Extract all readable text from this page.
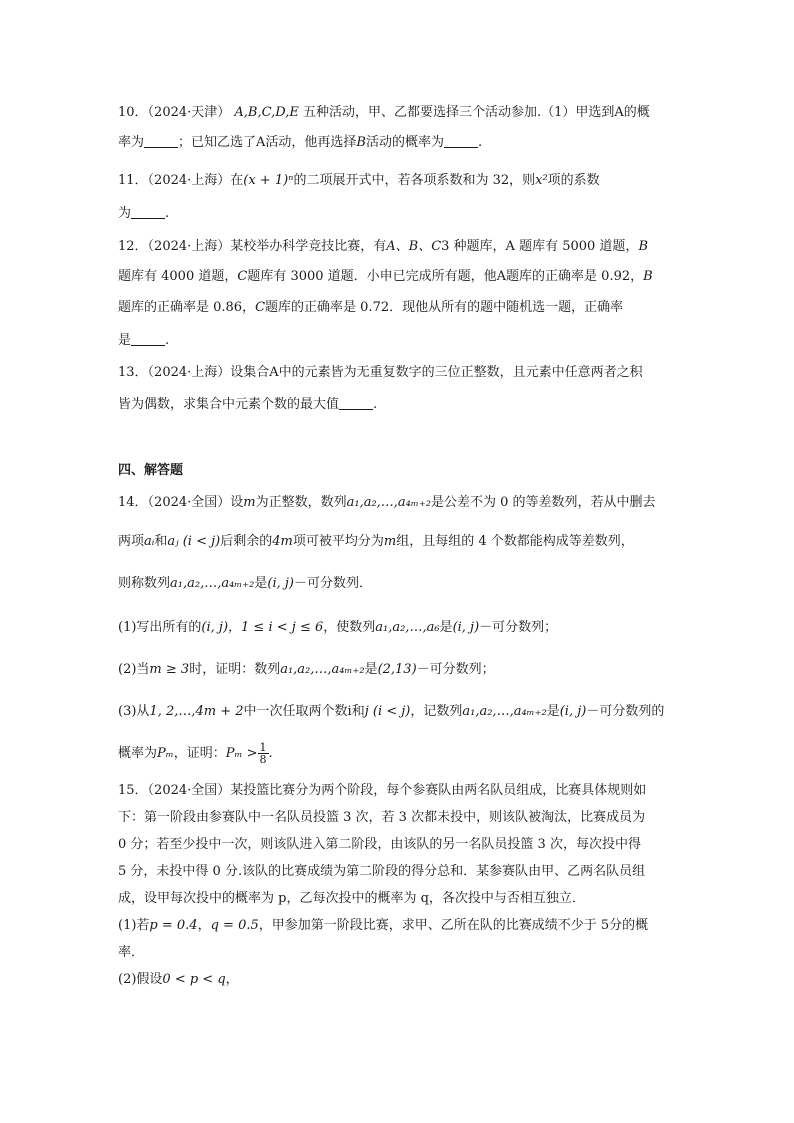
10．（2024·天津） A,B,C,D,E 五种活动，甲、乙都要选择三个活动参加.（1）甲选到A的概
率为	；已知乙选了A活动，他再选择B活动的概率为	.
11．（2024·上海）在(x + 1)ⁿ的二项展开式中，若各项系数和为 32，则x²项的系数
为	.
12．（2024·上海）某校举办科学竞技比赛，有A、B、C3 种题库，A 题库有 5000 道题，B
题库有 4000 道题，C题库有 3000 道题．小申已完成所有题，他A题库的正确率是 0.92，B
题库的正确率是 0.86，C题库的正确率是 0.72．现他从所有的题中随机选一题，正确率
是	.
13．（2024·上海）设集合A中的元素皆为无重复数字的三位正整数，且元素中任意两者之积
皆为偶数，求集合中元素个数的最大值	.
四、解答题
14．（2024·全国）设m为正整数，数列a₁,a₂,…,a₄ₘ₊₂是公差不为 0 的等差数列，若从中删去
两项aᵢ和aⱼ (i < j)后剩余的4m项可被平均分为m组，且每组的 4 个数都能构成等差数列，
则称数列a₁,a₂,…,a₄ₘ₊₂是(i, j)－可分数列．
(1)写出所有的(i, j)，1 ≤ i < j ≤ 6，使数列a₁,a₂,…,a₆是(i, j)－可分数列；
(2)当m ≥ 3时，证明：数列a₁,a₂,…,a₄ₘ₊₂是(2,13)－可分数列；
(3)从1, 2,…,4m + 2中一次任取两个数i和j (i < j)，记数列a₁,a₂,…,a₄ₘ₊₂是(i, j)－可分数列的
概率为Pₘ，证明：$P_m > \frac{1}{8}$ .
15．（2024·全国）某投篮比赛分为两个阶段，每个参赛队由两名队员组成，比赛具体规则如
下：第一阶段由参赛队中一名队员投篮 3 次，若 3 次都未投中，则该队被淘汰，比赛成员为
0 分；若至少投中一次，则该队进入第二阶段，由该队的另一名队员投篮 3 次，每次投中得
5 分，未投中得 0 分.该队的比赛成绩为第二阶段的得分总和．某参赛队由甲、乙两名队员组
成，设甲每次投中的概率为 p，乙每次投中的概率为 q，各次投中与否相互独立．
(1)若p = 0.4，q = 0.5，甲参加第一阶段比赛，求甲、乙所在队的比赛成绩不少于 5分的概
率．
(2)假设0 < p < q，
